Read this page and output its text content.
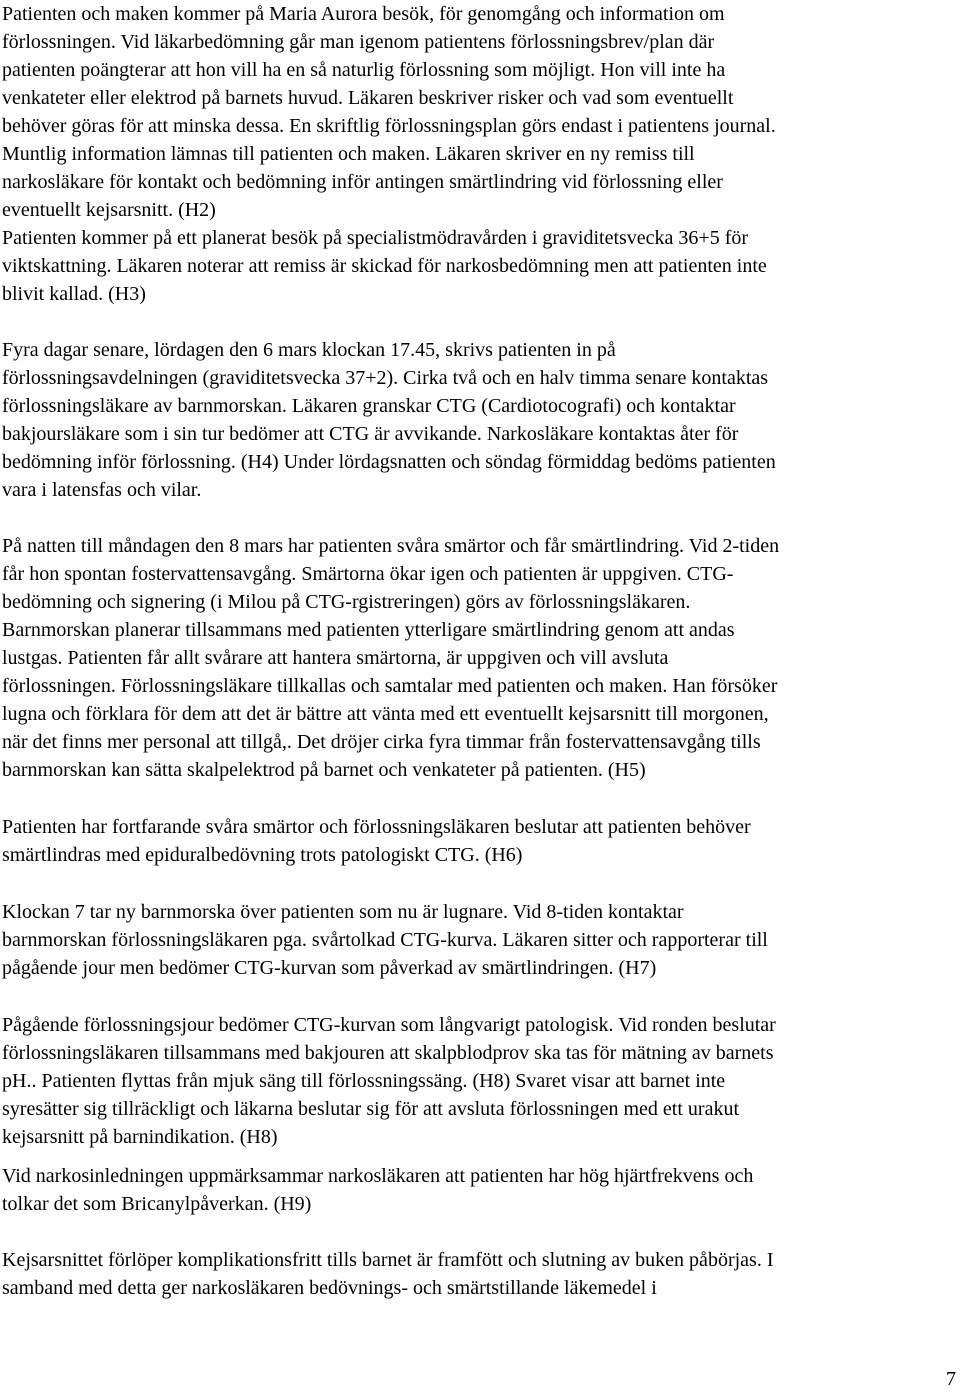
Patienten och maken kommer på Maria Aurora besök, för genomgång och information om
förlossningen. Vid läkarbedömning går man igenom patientens förlossningsbrev/plan där
patienten poängterar att hon vill ha en så naturlig förlossning som möjligt. Hon vill inte ha
venkateter eller elektrod på barnets huvud. Läkaren beskriver risker och vad som eventuellt
behöver göras för att minska dessa. En skriftlig förlossningsplan görs endast i patientens journal.
Muntlig information lämnas till patienten och maken. Läkaren skriver en ny remiss till
narkosläkare för kontakt och bedömning inför antingen smärtlindring vid förlossning eller
eventuellt kejsarsnitt. (H2)
Patienten kommer på ett planerat besök på specialistmödravården i graviditetsvecka 36+5 för
viktskattning. Läkaren noterar att remiss är skickad för narkosbedömning men att patienten inte
blivit kallad. (H3)

Fyra dagar senare, lördagen den 6 mars klockan 17.45, skrivs patienten in på
förlossningsavdelningen (graviditetsvecka 37+2). Cirka två och en halv timma senare kontaktas
förlossningsläkare av barnmorskan. Läkaren granskar CTG (Cardiotocografi) och kontaktar
bakjoursläkare som i sin tur bedömer att CTG är avvikande. Narkosläkare kontaktas åter för
bedömning inför förlossning. (H4) Under lördagsnatten och söndag förmiddag bedöms patienten
vara i latensfas och vilar.

På natten till måndagen den 8 mars har patienten svåra smärtor och får smärtlindring. Vid 2-tiden
får hon spontan fostervattensavgång. Smärtorna ökar igen och patienten är uppgiven. CTG-
bedömning och signering (i Milou på CTG-rgistreringen) görs av förlossningsläkaren.
Barnmorskan planerar tillsammans med patienten ytterligare smärtlindring genom att andas
lustgas. Patienten får allt svårare att hantera smärtorna, är uppgiven och vill avsluta
förlossningen. Förlossningsläkare tillkallas och samtalar med patienten och maken. Han försöker
lugna och förklara för dem att det är bättre att vänta med ett eventuellt kejsarsnitt till morgonen,
när det finns mer personal att tillgå,. Det dröjer cirka fyra timmar från fostervattensavgång tills
barnmorskan kan sätta skalpelektrod på barnet och venkateter på patienten. (H5)

Patienten har fortfarande svåra smärtor och förlossningsläkaren beslutar att patienten behöver
smärtlindras med epiduralbedövning trots patologiskt CTG. (H6)

Klockan 7 tar ny barnmorska över patienten som nu är lugnare. Vid 8-tiden kontaktar
barnmorskan förlossningsläkaren pga. svårtolkad CTG-kurva. Läkaren sitter och rapporterar till
pågående jour men bedömer CTG-kurvan som påverkad av smärtlindringen. (H7)

Pågående förlossningsjour bedömer CTG-kurvan som långvarigt patologisk. Vid ronden beslutar
förlossningsläkaren tillsammans med bakjouren att skalpblodprov ska tas för mätning av barnets
pH.. Patienten flyttas från mjuk säng till förlossningssäng. (H8) Svaret visar att barnet inte
syresätter sig tillräckligt och läkarna beslutar sig för att avsluta förlossningen med ett urakut
kejsarsnitt på barnindikation. (H8)

Vid narkosinledningen uppmärksammar narkosläkaren att patienten har hög hjärtfrekvens och
tolkar det som Bricanylpåverkan. (H9)

Kejsarsnittet förlöper komplikationsfritt tills barnet är framfött och slutning av buken påbörjas. I
samband med detta ger narkosläkaren bedövnings- och smärtstillande läkemedel i

7
